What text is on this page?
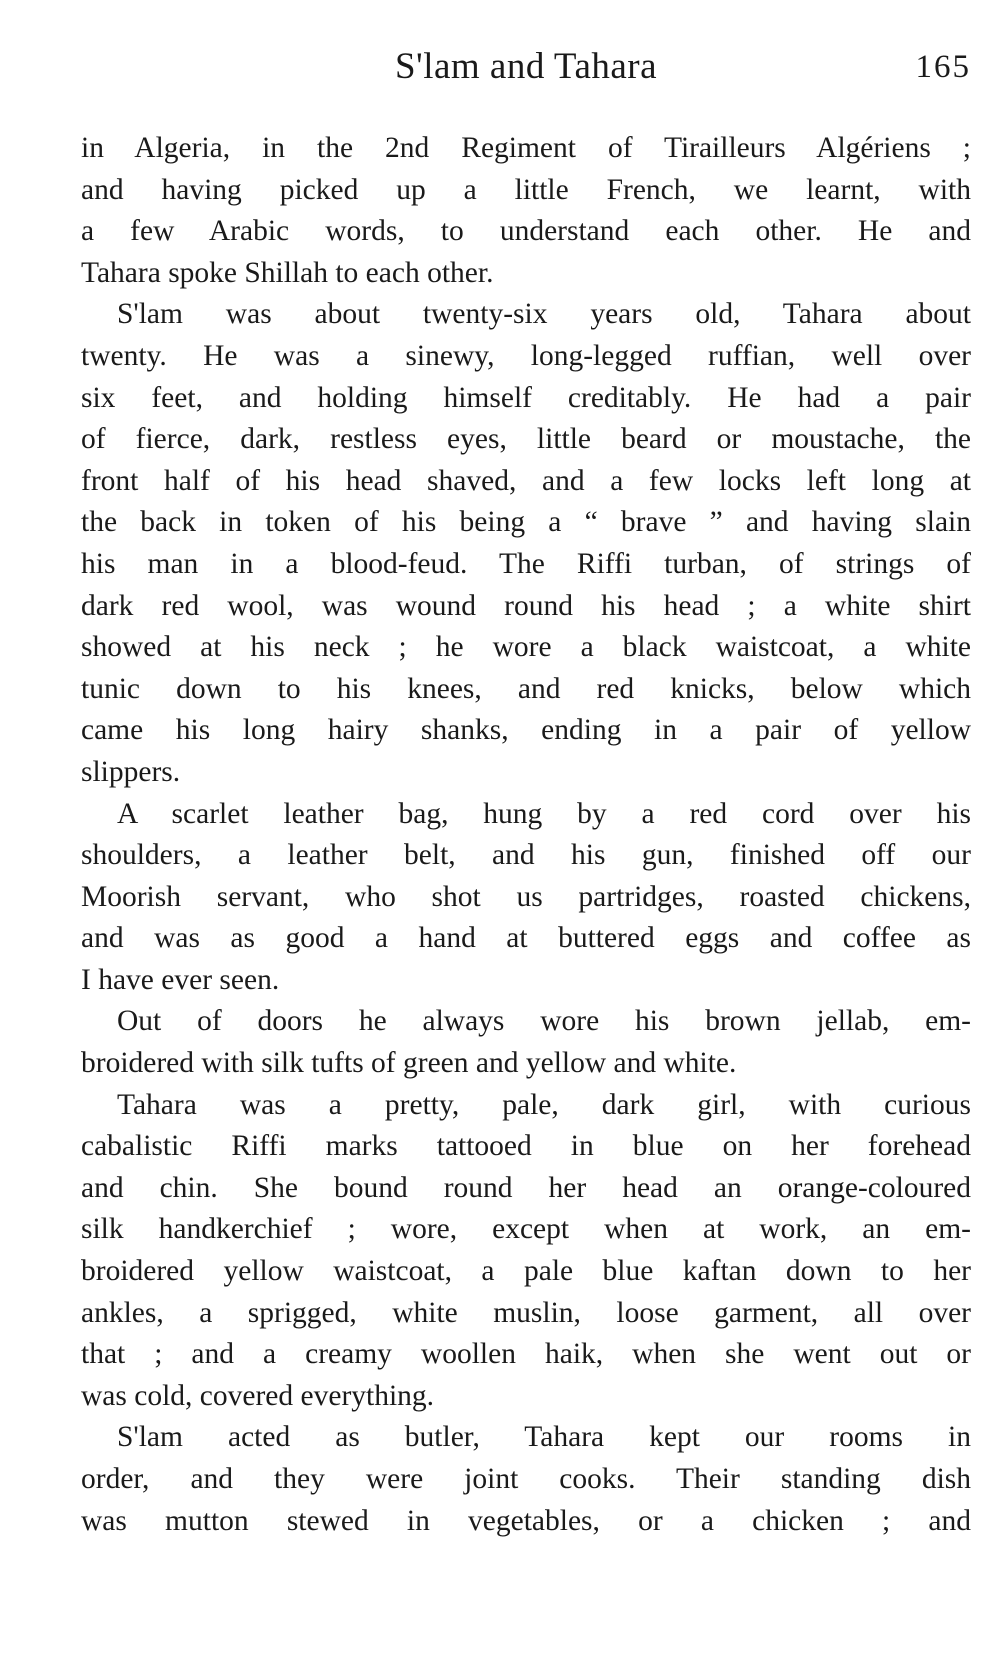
S'lam and Tahara	165
in Algeria, in the 2nd Regiment of Tirailleurs Algériens ;
and having picked up a little French, we learnt, with
a few Arabic words, to understand each other. He and
Tahara spoke Shillah to each other.
S'lam was about twenty-six years old, Tahara about
twenty. He was a sinewy, long-legged ruffian, well over
six feet, and holding himself creditably. He had a pair
of fierce, dark, restless eyes, little beard or moustache, the
front half of his head shaved, and a few locks left long at
the back in token of his being a “ brave ” and having slain
his man in a blood-feud. The Riffi turban, of strings of
dark red wool, was wound round his head ; a white shirt
showed at his neck ; he wore a black waistcoat, a white
tunic down to his knees, and red knicks, below which
came his long hairy shanks, ending in a pair of yellow
slippers.
A scarlet leather bag, hung by a red cord over his
shoulders, a leather belt, and his gun, finished off our
Moorish servant, who shot us partridges, roasted chickens,
and was as good a hand at buttered eggs and coffee as
I have ever seen.
Out of doors he always wore his brown jellab, em-
broidered with silk tufts of green and yellow and white.
Tahara was a pretty, pale, dark girl, with curious
cabalistic Riffi marks tattooed in blue on her forehead
and chin. She bound round her head an orange-coloured
silk handkerchief ; wore, except when at work, an em-
broidered yellow waistcoat, a pale blue kaftan down to her
ankles, a sprigged, white muslin, loose garment, all over
that ; and a creamy woollen haik, when she went out or
was cold, covered everything.
S'lam acted as butler, Tahara kept our rooms in
order, and they were joint cooks. Their standing dish
was mutton stewed in vegetables, or a chicken ; and
